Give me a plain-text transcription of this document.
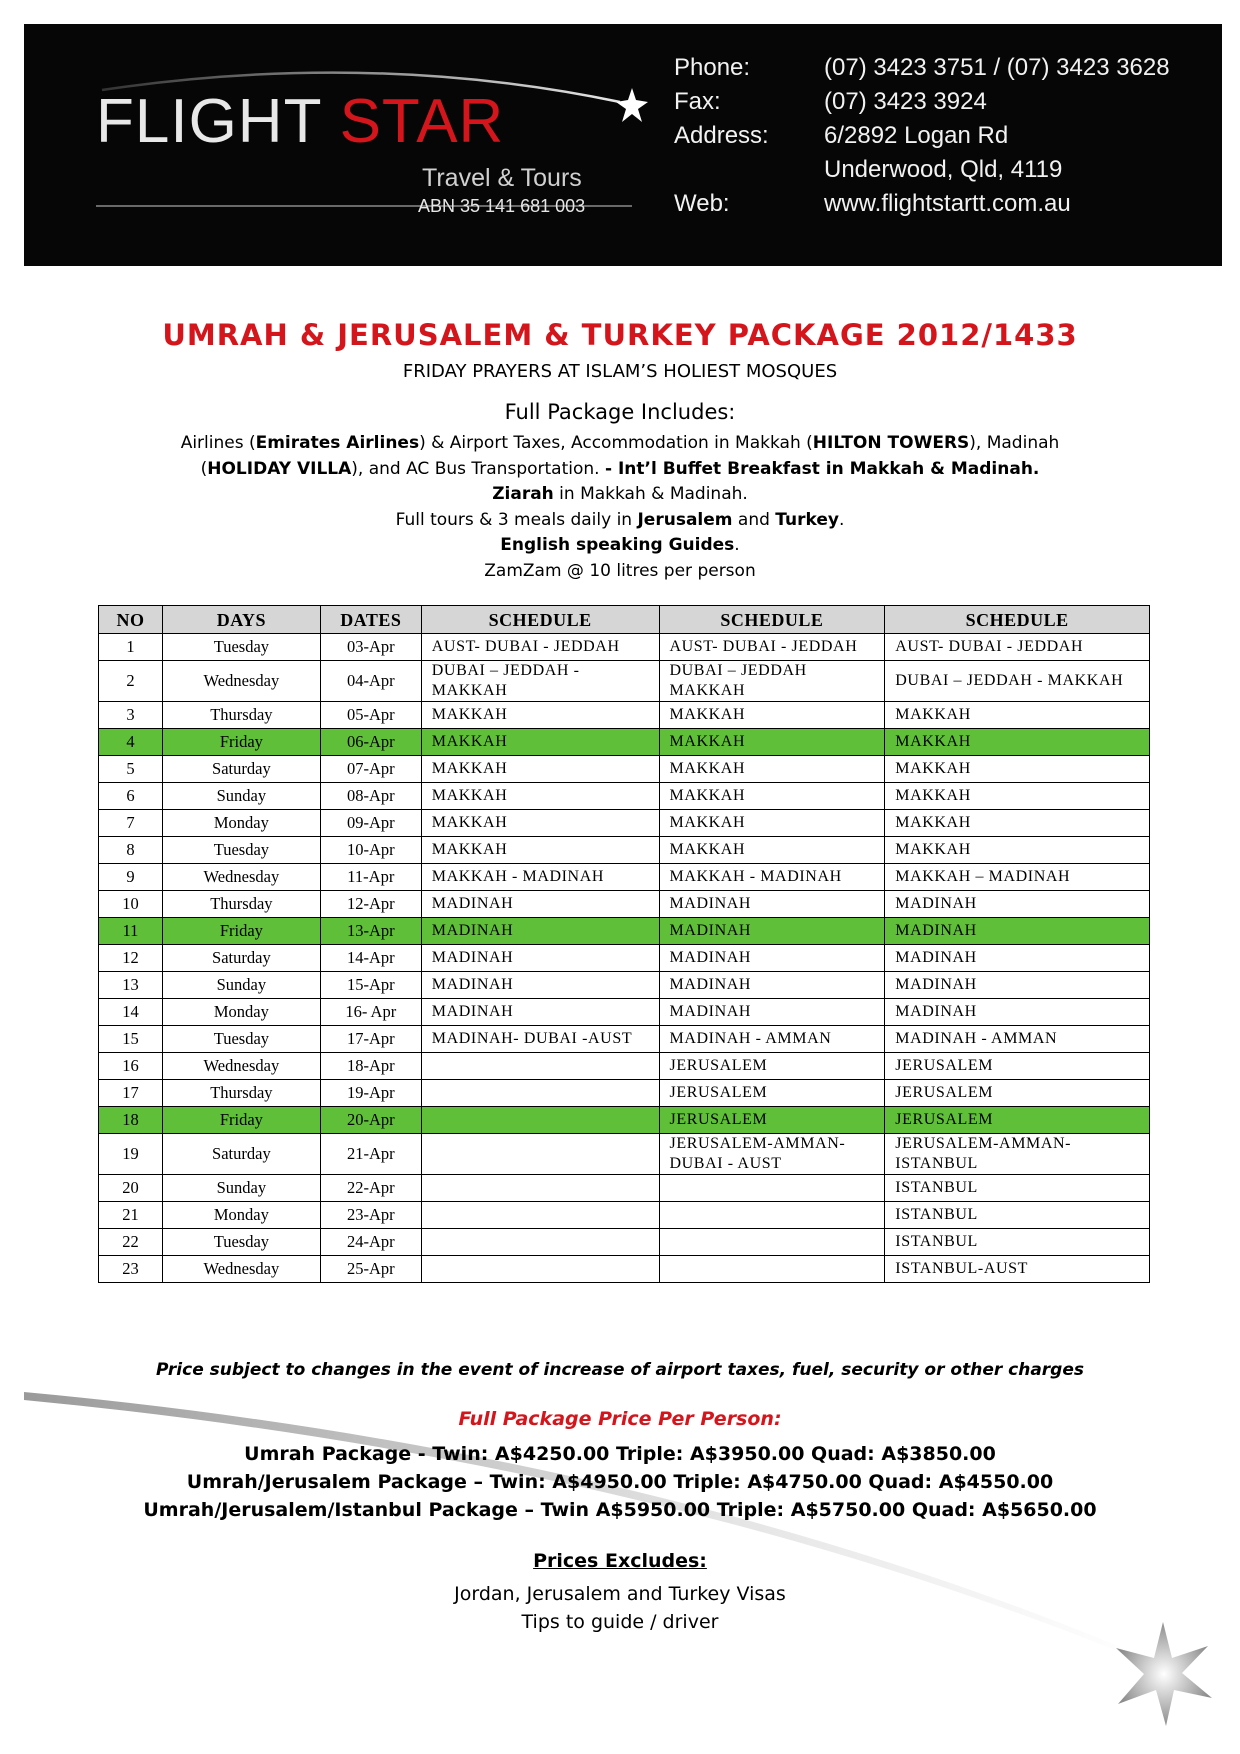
FLIGHT STAR
Travel & Tours
ABN 35 141 681 003
Phone:	(07) 3423 3751 / (07) 3423 3628
Fax:	(07) 3423 3924
Address: 6/2892 Logan Rd
Underwood, Qld, 4119
Web:	www.flightstartt.com.au
UMRAH & JERUSALEM & TURKEY PACKAGE 2012/1433
FRIDAY PRAYERS AT ISLAM’S HOLIEST MOSQUES
Full Package Includes:

Airlines (Emirates Airlines) & Airport Taxes, Accommodation in Makkah (HILTON TOWERS), Madinah

(HOLIDAY VILLA), and AC Bus Transportation. - Int’l Buffet Breakfast in Makkah & Madinah.

Ziarah in Makkah & Madinah.

Full tours & 3 meals daily in Jerusalem and Turkey.

English speaking Guides.

ZamZam @ 10 litres per person

NO	DAYS	DATES	SCHEDULE	SCHEDULE	SCHEDULE
1	Tuesday	03-Apr	AUST- DUBAI - JEDDAH	AUST- DUBAI - JEDDAH	AUST- DUBAI - JEDDAH
2	Wednesday	04-Apr	DUBAI – JEDDAH - MAKKAH	DUBAI – JEDDAH MAKKAH	DUBAI – JEDDAH - MAKKAH
3	Thursday	05-Apr	MAKKAH	MAKKAH	MAKKAH
4	Friday	06-Apr	MAKKAH	MAKKAH	MAKKAH
5	Saturday	07-Apr	MAKKAH	MAKKAH	MAKKAH
6	Sunday	08-Apr	MAKKAH	MAKKAH	MAKKAH
7	Monday	09-Apr	MAKKAH	MAKKAH	MAKKAH
8	Tuesday	10-Apr	MAKKAH	MAKKAH	MAKKAH
9	Wednesday	11-Apr	MAKKAH - MADINAH	MAKKAH - MADINAH	MAKKAH – MADINAH
10	Thursday	12-Apr	MADINAH	MADINAH	MADINAH
11	Friday	13-Apr	MADINAH	MADINAH	MADINAH
12	Saturday	14-Apr	MADINAH	MADINAH	MADINAH
13	Sunday	15-Apr	MADINAH	MADINAH	MADINAH
14	Monday	16- Apr	MADINAH	MADINAH	MADINAH
15	Tuesday	17-Apr	MADINAH- DUBAI -AUST	MADINAH - AMMAN	MADINAH - AMMAN
16	Wednesday	18-Apr		JERUSALEM	JERUSALEM
17	Thursday	19-Apr		JERUSALEM	JERUSALEM
18	Friday	20-Apr		JERUSALEM	JERUSALEM
19	Saturday	21-Apr		JERUSALEM-AMMAN- DUBAI - AUST	JERUSALEM-AMMAN- ISTANBUL
20	Sunday	22-Apr			ISTANBUL
21	Monday	23-Apr			ISTANBUL
22	Tuesday	24-Apr			ISTANBUL
23	Wednesday	25-Apr			ISTANBUL-AUST
Price subject to changes in the event of increase of airport taxes, fuel, security or other charges
Full Package Price Per Person:

Umrah Package - Twin: A$4250.00 Triple: A$3950.00 Quad: A$3850.00

Umrah/Jerusalem Package – Twin: A$4950.00 Triple: A$4750.00 Quad: A$4550.00

Umrah/Jerusalem/Istanbul Package – Twin A$5950.00 Triple: A$5750.00 Quad: A$5650.00

Prices Excludes:

Jordan, Jerusalem and Turkey Visas

Tips to guide / driver
